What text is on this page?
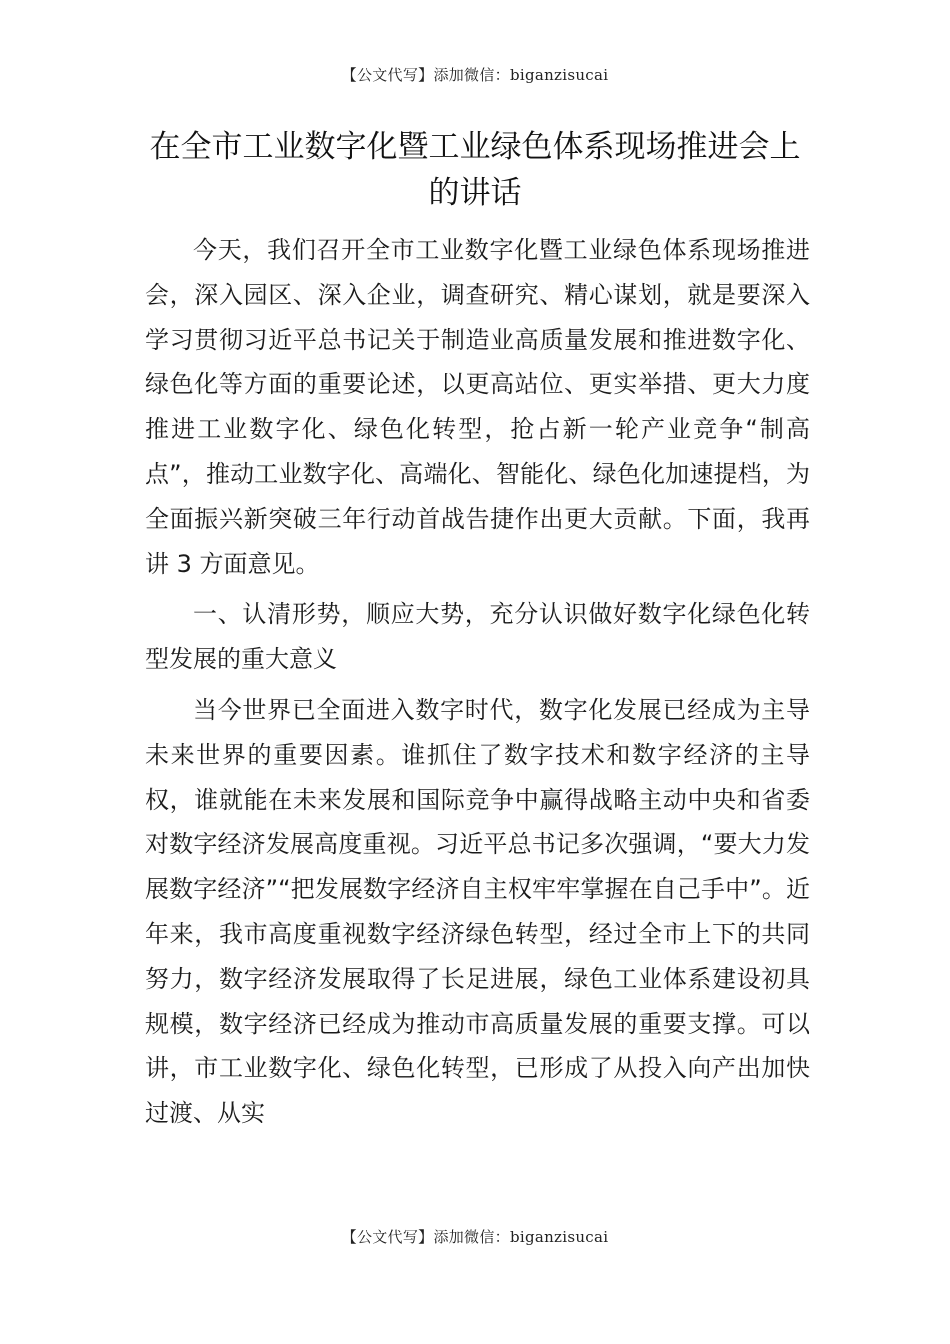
【公文代写】添加微信：biganzisucai
在全市工业数字化暨工业绿色体系现场推进会上的讲话

今天，我们召开全市工业数字化暨工业绿色体系现场推进会，深入园区、深入企业，调查研究、精心谋划，就是要深入学习贯彻习近平总书记关于制造业高质量发展和推进数字化、绿色化等方面的重要论述，以更高站位、更实举措、更大力度推进工业数字化、绿色化转型，抢占新一轮产业竞争“制高点”，推动工业数字化、高端化、智能化、绿色化加速提档，为全面振兴新突破三年行动首战告捷作出更大贡献。下面，我再讲 3 方面意见。

一、认清形势，顺应大势，充分认识做好数字化绿色化转型发展的重大意义

当今世界已全面进入数字时代，数字化发展已经成为主导未来世界的重要因素。谁抓住了数字技术和数字经济的主导权，谁就能在未来发展和国际竞争中赢得战略主动中央和省委对数字经济发展高度重视。习近平总书记多次强调，“要大力发展数字经济”“把发展数字经济自主权牢牢掌握在自己手中”。近年来，我市高度重视数字经济绿色转型，经过全市上下的共同努力，数字经济发展取得了长足进展，绿色工业体系建设初具规模，数字经济已经成为推动市高质量发展的重要支撑。可以讲，市工业数字化、绿色化转型，已形成了从投入向产出加快过渡、从实

【公文代写】添加微信：biganzisucai
